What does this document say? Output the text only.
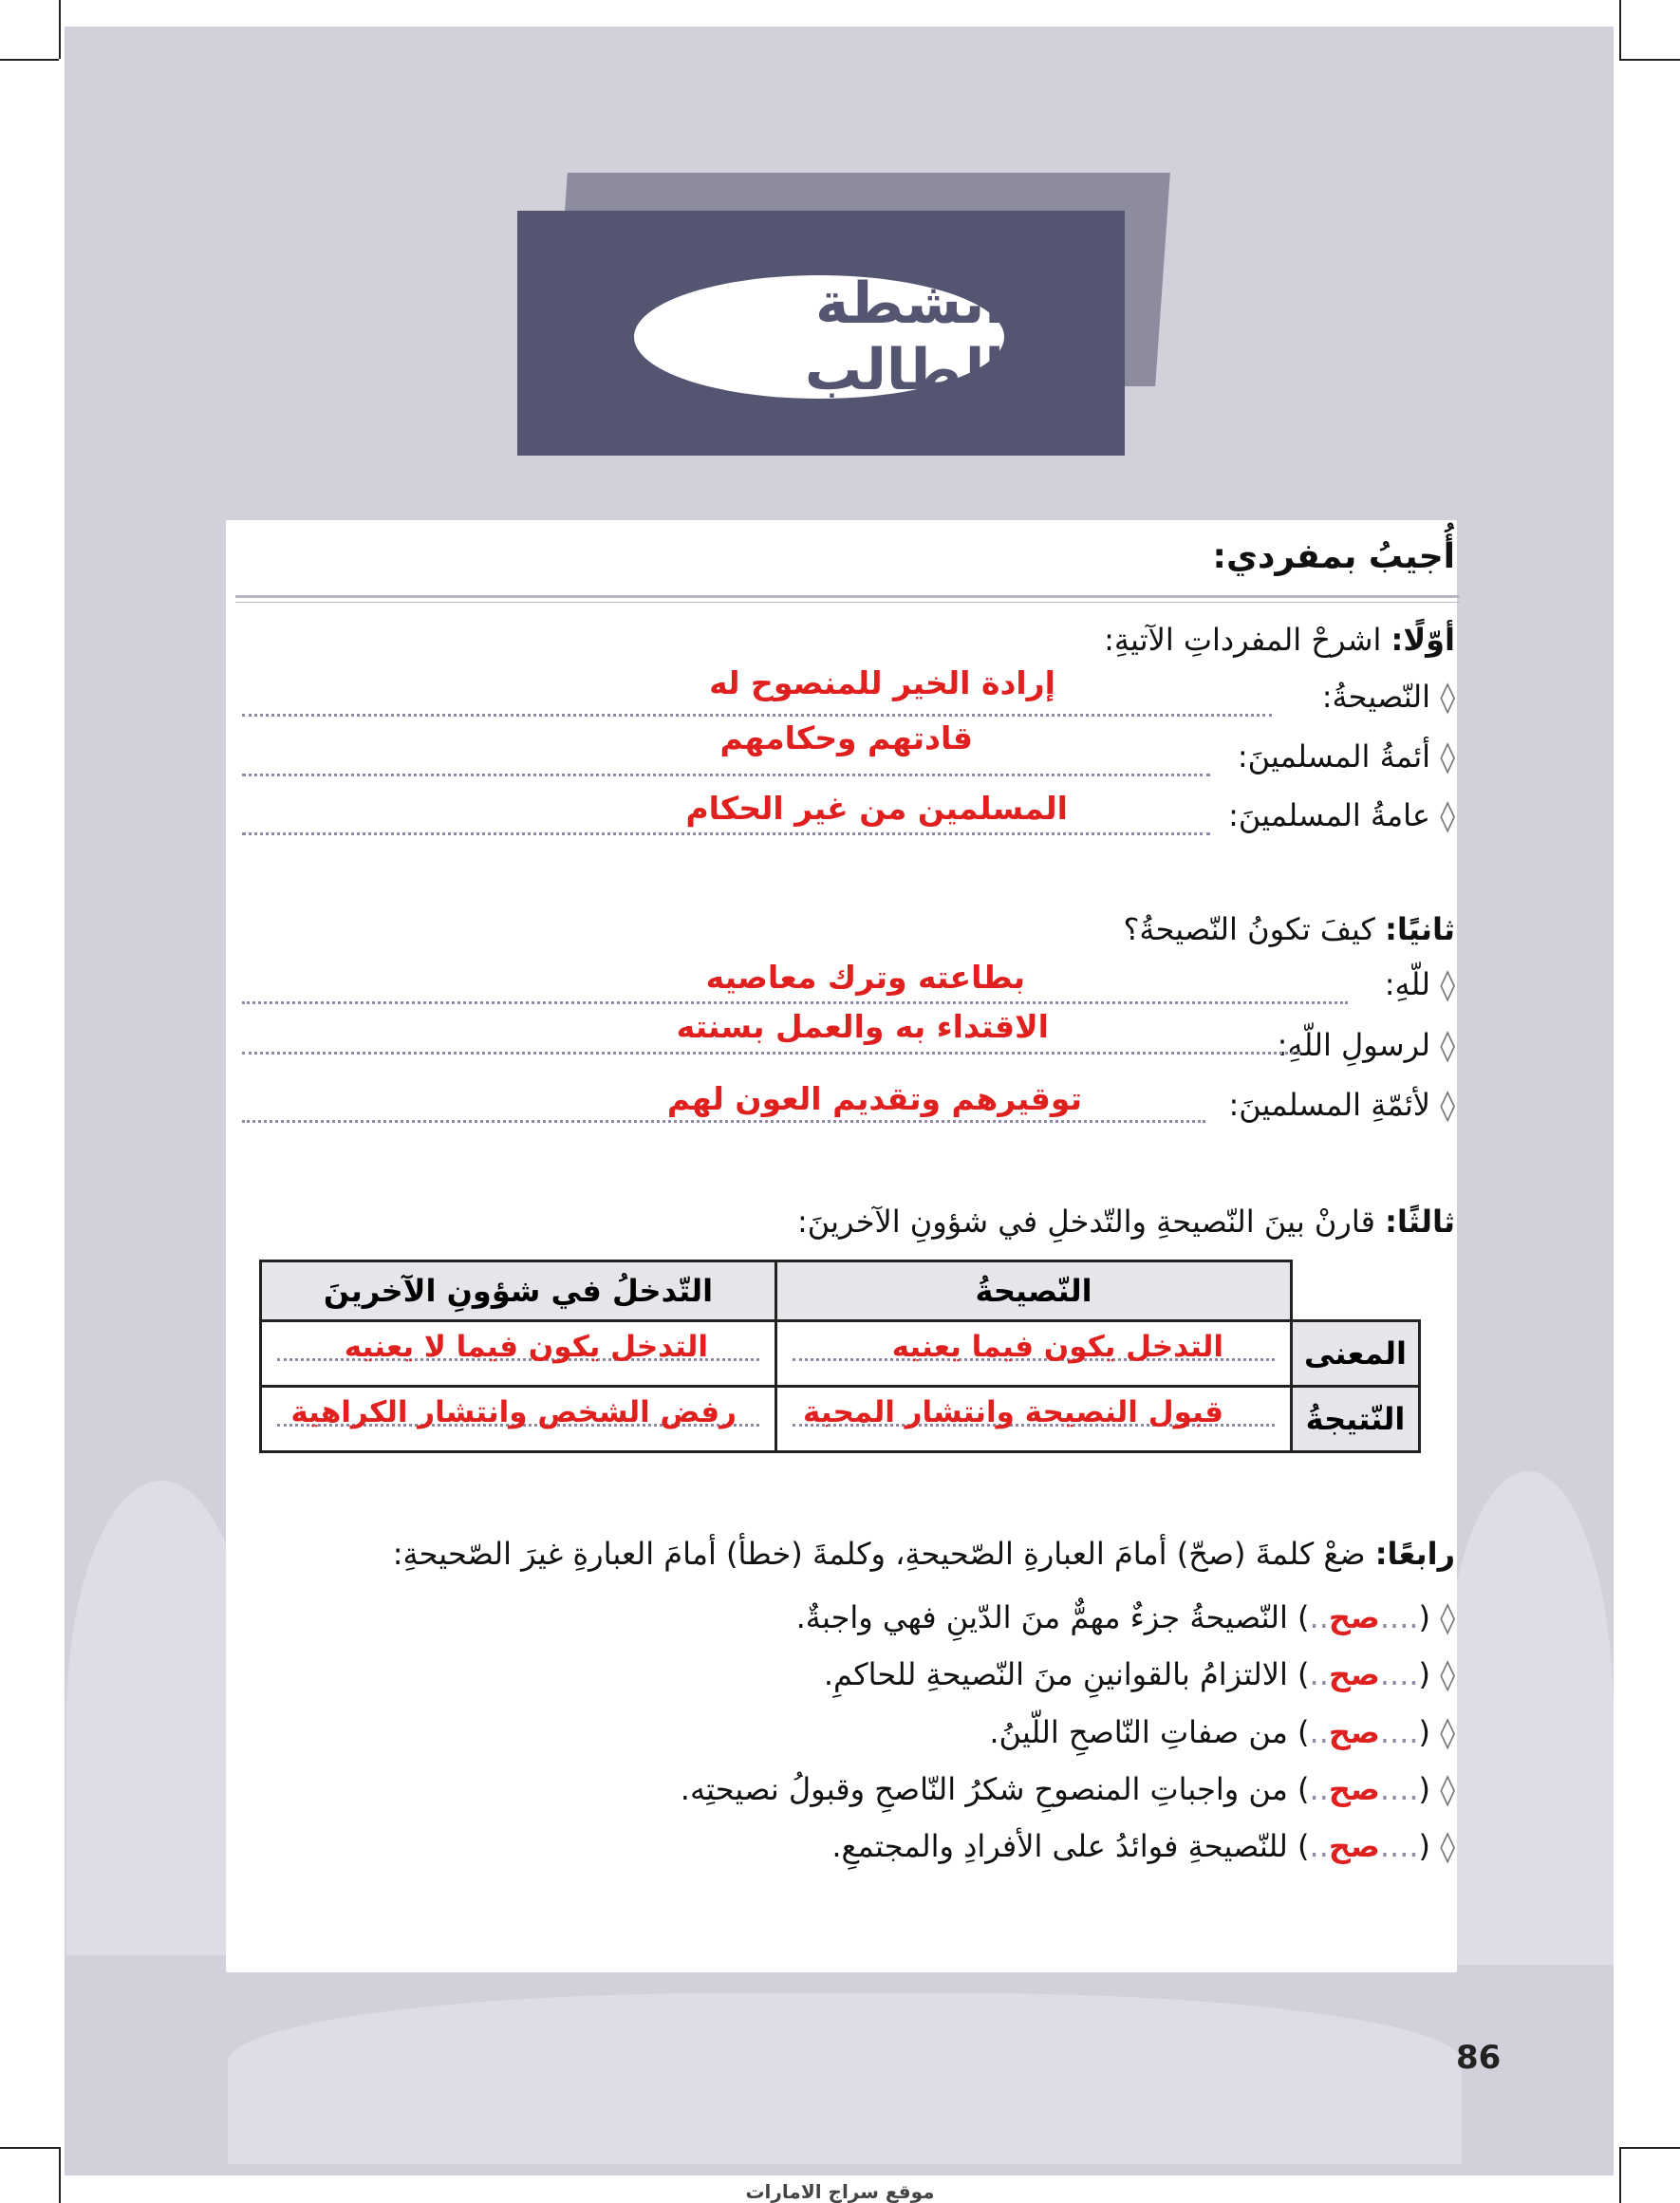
أنشطة الطالب
أُجيبُ بمفردي:
أوّلًا: اشرحْ المفرداتِ الآتيةِ:
◊ النّصيحةُ:
إرادة الخير للمنصوح له
◊ أئمةُ المسلمينَ:
قادتهم وحكامهم
◊ عامةُ المسلمينَ:
المسلمين من غير الحكام
ثانيًا: كيفَ تكونُ النّصيحةُ؟
◊ للّهِ:
بطاعته وترك معاصيه
◊ لرسولِ اللّهِ:
الاقتداء به والعمل بسنته
◊ لأئمّةِ المسلمينَ:
توقيرهم وتقديم العون لهم
ثالثًا: قارنْ بينَ النّصيحةِ والتّدخلِ في شؤونِ الآخرينَ:
التّدخلُ في شؤونِ الآخرينَ	النّصيحةُ	

التدخل يكون فيما لا يعنيه	التدخل يكون فيما يعنيه	المعنى

رفض الشخص وانتشار الكراهية	قبول النصيحة وانتشار المحبة	النّتيجةُ
رابعًا: ضعْ كلمةَ (صحّ) أمامَ العبارةِ الصّحيحةِ، وكلمةَ (خطأ) أمامَ العبارةِ غيرَ الصّحيحةِ:
◊ (....صح..) النّصيحةُ جزءٌ مهمٌّ منَ الدّينِ فهي واجبةٌ.
◊ (....صح..) الالتزامُ بالقوانينِ منَ النّصيحةِ للحاكمِ.
◊ (....صح..) من صفاتِ النّاصحِ اللّينُ.
◊ (....صح..) من واجباتِ المنصوحِ شكرُ النّاصحِ وقبولُ نصيحتِه.
◊ (....صح..) للنّصيحةِ فوائدُ على الأفرادِ والمجتمعِ.
86
موقع سراج الامارات
